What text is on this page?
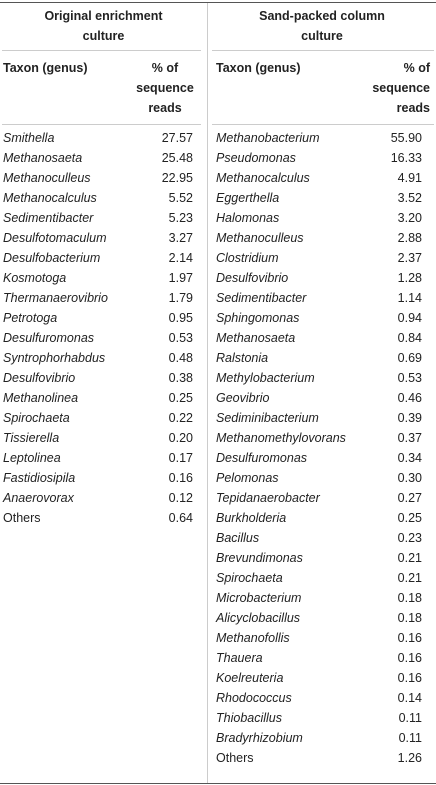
Original enrichment
culture
Taxon (genus)	% of
sequence
reads
Smithella	27.57
Methanosaeta	25.48
Methanoculleus	22.95
Methanocalculus	5.52
Sedimentibacter	5.23
Desulfotomaculum	3.27
Desulfobacterium	2.14
Kosmotoga	1.97
Thermanaerovibrio	1.79
Petrotoga	0.95
Desulfuromonas	0.53
Syntrophorhabdus	0.48
Desulfovibrio	0.38
Methanolinea	0.25
Spirochaeta	0.22
Tissierella	0.20
Leptolinea	0.17
Fastidiosipila	0.16
Anaerovorax	0.12
Others	0.64
Sand-packed column
culture
Taxon (genus)	% of
sequence
reads
Methanobacterium	55.90
Pseudomonas	16.33
Methanocalculus	4.91
Eggerthella	3.52
Halomonas	3.20
Methanoculleus	2.88
Clostridium	2.37
Desulfovibrio	1.28
Sedimentibacter	1.14
Sphingomonas	0.94
Methanosaeta	0.84
Ralstonia	0.69
Methylobacterium	0.53
Geovibrio	0.46
Sediminibacterium	0.39
Methanomethylovorans	0.37
Desulfuromonas	0.34
Pelomonas	0.30
Tepidanaerobacter	0.27
Burkholderia	0.25
Bacillus	0.23
Brevundimonas	0.21
Spirochaeta	0.21
Microbacterium	0.18
Alicyclobacillus	0.18
Methanofollis	0.16
Thauera	0.16
Koelreuteria	0.16
Rhodococcus	0.14
Thiobacillus	0.11
Bradyrhizobium	0.11
Others	1.26
